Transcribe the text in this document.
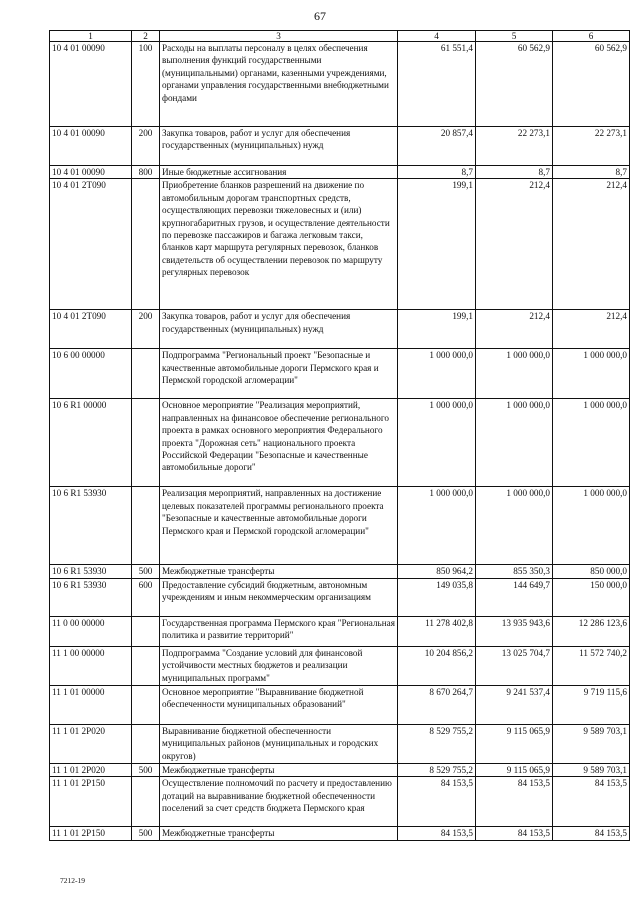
67
1	2	3	4	5	6
10 4 01 00090	100	Расходы на выплаты персоналу в целях обеспечения выполнения функций государственными (муниципальными) органами, казенными учреждениями, органами управления государственными внебюджетными фондами	61 551,4	60 562,9	60 562,9
10 4 01 00090	200	Закупка товаров, работ и услуг для обеспечения государственных (муниципальных) нужд	20 857,4	22 273,1	22 273,1
10 4 01 00090	800	Иные бюджетные ассигнования	8,7	8,7	8,7
10 4 01 2Т090		Приобретение бланков разрешений на движение по автомобильным дорогам транспортных средств, осуществляющих перевозки тяжеловесных и (или) крупногабаритных грузов, и осуществление деятельности по перевозке пассажиров и багажа легковым такси, бланков карт маршрута регулярных перевозок, бланков свидетельств об осуществлении перевозок по маршруту регулярных перевозок	199,1	212,4	212,4
10 4 01 2Т090	200	Закупка товаров, работ и услуг для обеспечения государственных (муниципальных) нужд	199,1	212,4	212,4
10 6 00 00000		Подпрограмма "Региональный проект "Безопасные и качественные автомобильные дороги Пермского края и Пермской городской агломерации"	1 000 000,0	1 000 000,0	1 000 000,0
10 6 R1 00000		Основное мероприятие "Реализация мероприятий, направленных на финансовое обеспечение регионального проекта в рамках основного мероприятия Федерального проекта "Дорожная сеть" национального проекта Российской Федерации "Безопасные и качественные автомобильные дороги"	1 000 000,0	1 000 000,0	1 000 000,0
10 6 R1 53930		Реализация мероприятий, направленных на достижение целевых показателей программы регионального проекта "Безопасные и качественные автомобильные дороги Пермского края и Пермской городской агломерации"	1 000 000,0	1 000 000,0	1 000 000,0
10 6 R1 53930	500	Межбюджетные трансферты	850 964,2	855 350,3	850 000,0
10 6 R1 53930	600	Предоставление субсидий бюджетным, автономным учреждениям и иным некоммерческим организациям	149 035,8	144 649,7	150 000,0
11 0 00 00000		Государственная программа Пермского края "Региональная политика и развитие территорий"	11 278 402,8	13 935 943,6	12 286 123,6
11 1 00 00000		Подпрограмма "Создание условий для финансовой устойчивости местных бюджетов и реализации муниципальных программ"	10 204 856,2	13 025 704,7	11 572 740,2
11 1 01 00000		Основное мероприятие "Выравнивание бюджетной обеспеченности муниципальных образований"	8 670 264,7	9 241 537,4	9 719 115,6
11 1 01 2Р020		Выравнивание бюджетной обеспеченности муниципальных районов (муниципальных и городских округов)	8 529 755,2	9 115 065,9	9 589 703,1
11 1 01 2Р020	500	Межбюджетные трансферты	8 529 755,2	9 115 065,9	9 589 703,1
11 1 01 2Р150		Осуществление полномочий по расчету и предоставлению дотаций на выравнивание бюджетной обеспеченности поселений за счет средств бюджета Пермского края	84 153,5	84 153,5	84 153,5
11 1 01 2Р150	500	Межбюджетные трансферты	84 153,5	84 153,5	84 153,5
7212-19
